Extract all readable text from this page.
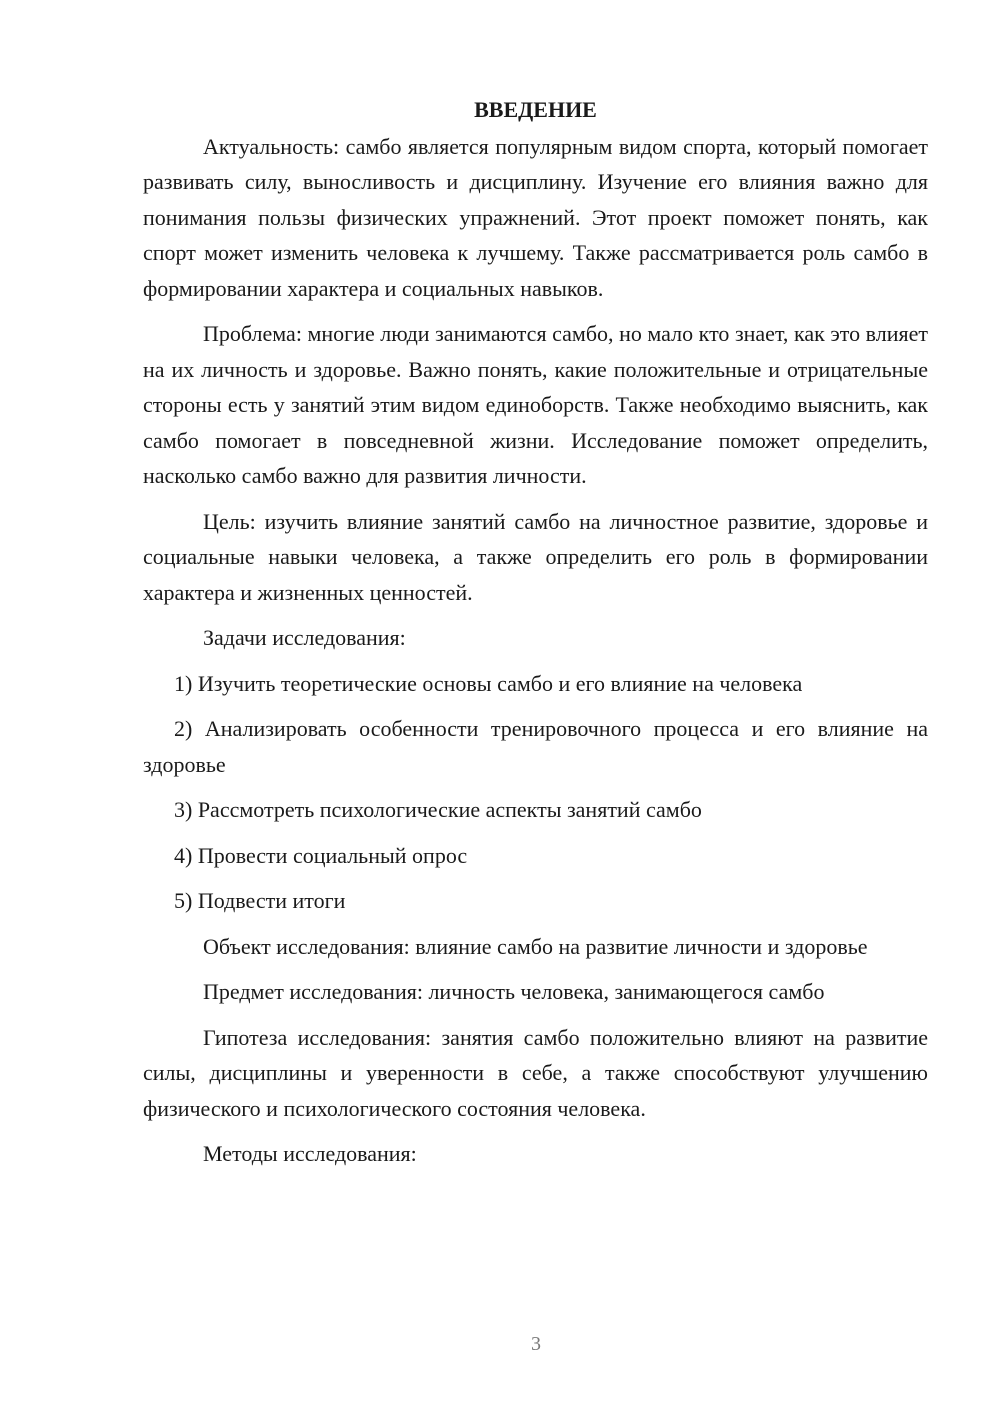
ВВЕДЕНИЕ

Актуальность: самбо является популярным видом спорта, который помогает развивать силу, выносливость и дисциплину. Изучение его влияния важно для понимания пользы физических упражнений. Этот проект поможет понять, как спорт может изменить человека к лучшему. Также рассматривается роль самбо в формировании характера и социальных навыков.

Проблема: многие люди занимаются самбо, но мало кто знает, как это влияет на их личность и здоровье. Важно понять, какие положительные и отрицательные стороны есть у занятий этим видом единоборств. Также необходимо выяснить, как самбо помогает в повседневной жизни. Исследование поможет определить, насколько самбо важно для развития личности.

Цель: изучить влияние занятий самбо на личностное развитие, здоровье и социальные навыки человека, а также определить его роль в формировании характера и жизненных ценностей.

Задачи исследования:

1) Изучить теоретические основы самбо и его влияние на человека

2) Анализировать особенности тренировочного процесса и его влияние на здоровье

3) Рассмотреть психологические аспекты занятий самбо

4) Провести социальный опрос

5) Подвести итоги

Объект исследования: влияние самбо на развитие личности и здоровье

Предмет исследования: личность человека, занимающегося самбо

Гипотеза исследования: занятия самбо положительно влияют на развитие силы, дисциплины и уверенности в себе, а также способствуют улучшению физического и психологического состояния человека.

Методы исследования:

3
